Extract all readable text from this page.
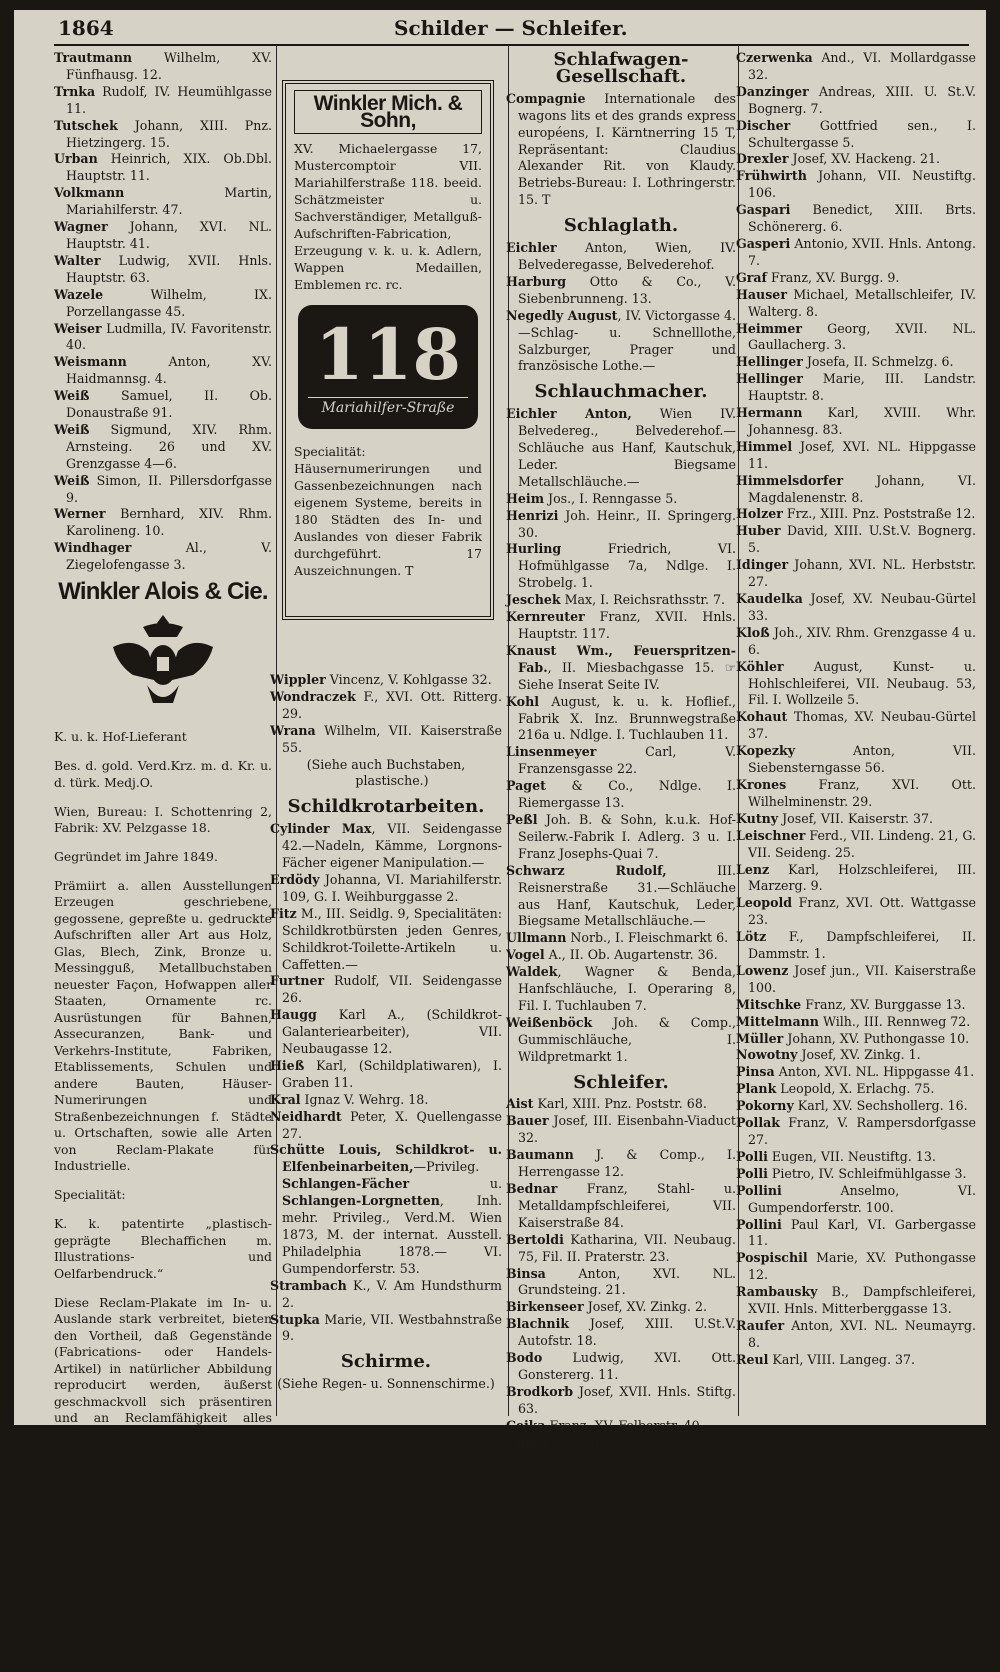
1864	Schilder — Schleifer.

Trautmann Wilhelm, XV. Fünfhausg. 12.

Trnka Rudolf, IV. Heumühlgasse 11.

Tutschek Johann, XIII. Pnz. Hietzingerg. 15.

Urban Heinrich, XIX. Ob.Dbl. Hauptstr. 11.

Volkmann Martin, Mariahilferstr. 47.

Wagner Johann, XVI. NL. Hauptstr. 41.

Walter Ludwig, XVII. Hnls. Hauptstr. 63.

Wazele Wilhelm, IX. Porzellangasse 45.

Weiser Ludmilla, IV. Favoritenstr. 40.

Weismann Anton, XV. Haidmannsg. 4.

Weiß Samuel, II. Ob. Donaustraße 91.

Weiß Sigmund, XIV. Rhm. Arnsteing. 26 und XV. Grenzgasse 4—6.

Weiß Simon, II. Pillersdorfgasse 9.

Werner Bernhard, XIV. Rhm. Karolineng. 10.

Windhager Al., V. Ziegelofengasse 3.

Winkler Alois & Cie.

K. u. k. Hof-Lieferant

Bes. d. gold. Verd.Krz. m. d. Kr. u. d. türk. Medj.O.

Wien, Bureau: I. Schottenring 2, Fabrik: XV. Pelzgasse 18.

Gegründet im Jahre 1849.

Prämiirt a. allen Ausstellungen Erzeugen geschriebene, gegossene, gepreßte u. gedruckte Aufschriften aller Art aus Holz, Glas, Blech, Zink, Bronze u. Messingguß, Metallbuchstaben neuester Façon, Hofwappen aller Staaten, Ornamente rc. Ausrüstungen für Bahnen, Assecuranzen, Bank- und Verkehrs-Institute, Fabriken, Etablissements, Schulen und andere Bauten, Häuser-Numerirungen und Straßenbezeichnungen f. Städte u. Ortschaften, sowie alle Arten von Reclam-Plakate für Industrielle.

Specialität:

K. k. patentirte „plastisch-geprägte Blechaffichen m. Illustrations- und Oelfarbendruck.“

Diese Reclam-Plakate im In- u. Auslande stark verbreitet, bieten den Vortheil, daß Gegenstände (Fabrications- oder Handels-Artikel) in natürlicher Abbildung reproducirt werden, äußerst geschmackvoll sich präsentiren und an Reclamfähigkeit alles bisher Gebotene weit übertreffen.

Mäßige Preise, rascheste Effectuirung. Kostenanschläge u. Skizzen werden billigst ausgeführt.—

Winkler Mich. & Sohn,
XV. Michaelergasse 17, Mustercomptoir VII. Mariahilferstraße 118. beeid. Schätzmeister u. Sachverständiger, Metallguß-Aufschriften-Fabrication, Erzeugung v. k. u. k. Adlern, Wappen Medaillen, Emblemen rc. rc.
118
Mariahilfer-Straße
Specialität: Häusernumerirungen und Gassenbezeichnungen nach eigenem Systeme, bereits in 180 Städten des In- und Auslandes von dieser Fabrik durchgeführt. 17 Auszeichnungen. T

Wippler Vincenz, V. Kohlgasse 32.

Wondraczek F., XVI. Ott. Ritterg. 29.

Wrana Wilhelm, VII. Kaiserstraße 55.

(Siehe auch Buchstaben, plastische.)

Schildkrotarbeiten.

Cylinder Max, VII. Seidengasse 42.—Nadeln, Kämme, Lorgnons-Fächer eigener Manipulation.—

Erdödy Johanna, VI. Mariahilferstr. 109, G. I. Weihburggasse 2.

Fitz M., III. Seidlg. 9, Specialitäten: Schildkrotbürsten jeden Genres, Schildkrot-Toilette-Artikeln u. Caffetten.—

Furtner Rudolf, VII. Seidengasse 26.

Haugg Karl A., (Schildkrot-Galanteriearbeiter), VII. Neubaugasse 12.

Hieß Karl, (Schildplatiwaren), I. Graben 11.

Kral Ignaz V. Wehrg. 18.

Neidhardt Peter, X. Quellengasse 27.

Schütte Louis, Schildkrot- u. Elfenbeinarbeiten,—Privileg. Schlangen-Fächer u. Schlangen-Lorgnetten, Inh. mehr. Privileg., Verd.M. Wien 1873, M. der internat. Ausstell. Philadelphia 1878.— VI. Gumpendorferstr. 53.

Strambach K., V. Am Hundsthurm 2.

Stupka Marie, VII. Westbahnstraße 9.

Schirme.

(Siehe Regen- u. Sonnenschirme.)

Schlafwagen-Gesellschaft.

Compagnie Internationale des wagons lits et des grands express européens, I. Kärntnerring 15 T, Repräsentant: Claudius Alexander Rit. von Klaudy. Betriebs-Bureau: I. Lothringerstr. 15. T

Schlaglath.

Eichler Anton, Wien, IV. Belvederegasse, Belvederehof.

Harburg Otto & Co., V. Siebenbrunneng. 13.

Negedly August, IV. Victorgasse 4.—Schlag- u. Schnelllothe, Salzburger, Prager und französische Lothe.—

Schlauchmacher.

Eichler Anton, Wien IV. Belvedereg., Belvederehof.—Schläuche aus Hanf, Kautschuk, Leder. Biegsame Metallschläuche.—

Heim Jos., I. Renngasse 5.

Henrizi Joh. Heinr., II. Springerg. 30.

Hurling Friedrich, VI. Hofmühlgasse 7a, Ndlge. I. Strobelg. 1.

Jeschek Max, I. Reichsrathsstr. 7.

Kernreuter Franz, XVII. Hnls. Hauptstr. 117.

Knaust Wm., Feuerspritzen-Fab., II. Miesbachgasse 15. ☞ Siehe Inserat Seite IV.

Kohl August, k. u. k. Hoflief., Fabrik X. Inz. Brunnwegstraße 216a u. Ndlge. I. Tuchlauben 11.

Linsenmeyer Carl, V. Franzensgasse 22.

Paget & Co., Ndlge. I. Riemergasse 13.

Peßl Joh. B. & Sohn, k.u.k. Hof-Seilerw.-Fabrik I. Adlerg. 3 u. I. Franz Josephs-Quai 7.

Schwarz Rudolf, III. Reisnerstraße 31.—Schläuche aus Hanf, Kautschuk, Leder, Biegsame Metallschläuche.—

Ullmann Norb., I. Fleischmarkt 6.

Vogel A., II. Ob. Augartenstr. 36.

Waldek, Wagner & Benda, Hanfschläuche, I. Operaring 8, Fil. I. Tuchlauben 7.

Weißenböck Joh. & Comp., Gummischläuche, I. Wildpretmarkt 1.

Schleifer.

Aist Karl, XIII. Pnz. Poststr. 68.

Bauer Josef, III. Eisenbahn-Viaduct 32.

Baumann J. & Comp., I. Herrengasse 12.

Bednar Franz, Stahl- u. Metalldampfschleiferei, VII. Kaiserstraße 84.

Bertoldi Katharina, VII. Neubaug. 75, Fil. II. Praterstr. 23.

Binsa Anton, XVI. NL. Grundsteing. 21.

Birkenseer Josef, XV. Zinkg. 2.

Blachnik Josef, XIII. U.St.V. Autofstr. 18.

Bodo Ludwig, XVI. Ott. Gonstererg. 11.

Brodkorb Josef, XVII. Hnls. Stiftg. 63.

Cejka Franz, XV. Felberstr. 40.

Christ Johann, XII. Gdz. Gärtnergasse 10.

Czerwenka And., VI. Mollardgasse 32.

Danzinger Andreas, XIII. U. St.V. Bognerg. 7.

Discher Gottfried sen., I. Schultergasse 5.

Drexler Josef, XV. Hackeng. 21.

Frühwirth Johann, VII. Neustiftg. 106.

Gaspari Benedict, XIII. Brts. Schönererg. 6.

Gasperi Antonio, XVII. Hnls. Antong. 7.

Graf Franz, XV. Burgg. 9.

Hauser Michael, Metallschleifer, IV. Walterg. 8.

Heimmer Georg, XVII. NL. Gaullacherg. 3.

Hellinger Josefa, II. Schmelzg. 6.

Hellinger Marie, III. Landstr. Hauptstr. 8.

Hermann Karl, XVIII. Whr. Johannesg. 83.

Himmel Josef, XVI. NL. Hippgasse 11.

Himmelsdorfer Johann, VI. Magdalenenstr. 8.

Holzer Frz., XIII. Pnz. Poststraße 12.

Huber David, XIII. U.St.V. Bognerg. 5.

Idinger Johann, XVI. NL. Herbststr. 27.

Kaudelka Josef, XV. Neubau-Gürtel 33.

Kloß Joh., XIV. Rhm. Grenzgasse 4 u. 6.

Köhler August, Kunst- u. Hohlschleiferei, VII. Neubaug. 53, Fil. I. Wollzeile 5.

Kohaut Thomas, XV. Neubau-Gürtel 37.

Kopezky Anton, VII. Siebensterngasse 56.

Krones Franz, XVI. Ott. Wilhelminenstr. 29.

Kutny Josef, VII. Kaiserstr. 37.

Leischner Ferd., VII. Lindeng. 21, G. VII. Seideng. 25.

Lenz Karl, Holzschleiferei, III. Marzerg. 9.

Leopold Franz, XVI. Ott. Wattgasse 23.

Lötz F., Dampfschleiferei, II. Dammstr. 1.

Lowenz Josef jun., VII. Kaiserstraße 100.

Mitschke Franz, XV. Burggasse 13.

Mittelmann Wilh., III. Rennweg 72.

Müller Johann, XV. Puthongasse 10.

Nowotny Josef, XV. Zinkg. 1.

Pinsa Anton, XVI. NL. Hippgasse 41.

Plank Leopold, X. Erlachg. 75.

Pokorny Karl, XV. Sechshollerg. 16.

Pollak Franz, V. Rampersdorfgasse 27.

Polli Eugen, VII. Neustiftg. 13.

Polli Pietro, IV. Schleifmühlgasse 3.

Pollini Anselmo, VI. Gumpendorferstr. 100.

Pollini Paul Karl, VI. Garbergasse 11.

Pospischil Marie, XV. Puthongasse 12.

Rambausky B., Dampfschleiferei, XVII. Hnls. Mitterberggasse 13.

Raufer Anton, XVI. NL. Neumayrg. 8.

Reul Karl, VIII. Langeg. 37.
